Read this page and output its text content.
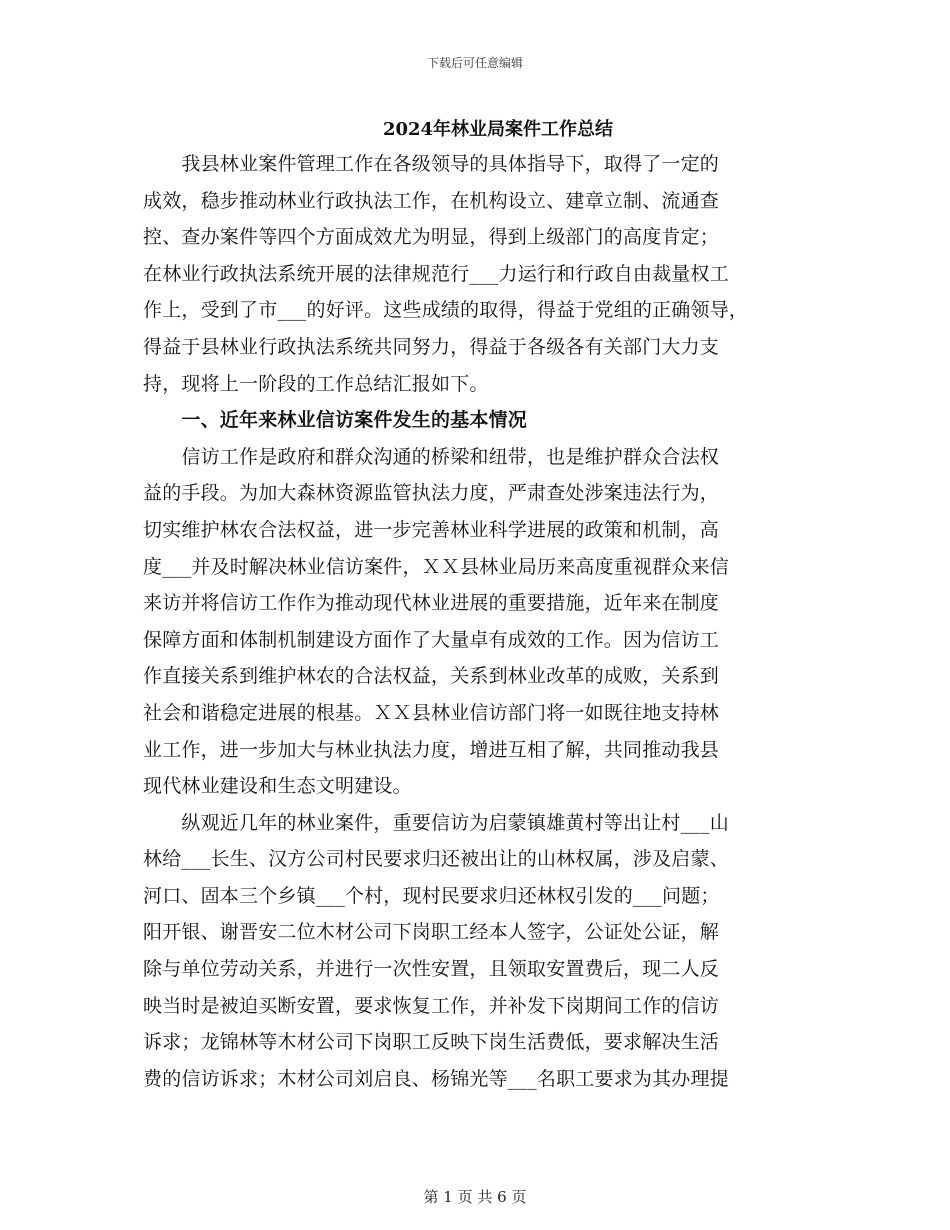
下载后可任意编辑
2024年林业局案件工作总结
　　我县林业案件管理工作在各级领导的具体指导下，取得了一定的
成效，稳步推动林业行政执法工作，在机构设立、建章立制、流通查
控、查办案件等四个方面成效尤为明显，得到上级部门的高度肯定；
在林业行政执法系统开展的法律规范行___力运行和行政自由裁量权工
作上，受到了市___的好评。这些成绩的取得，得益于党组的正确领导，
得益于县林业行政执法系统共同努力，得益于各级各有关部门大力支
持，现将上一阶段的工作总结汇报如下。
　　一、近年来林业信访案件发生的基本情况
　　信访工作是政府和群众沟通的桥梁和纽带，也是维护群众合法权
益的手段。为加大森林资源监管执法力度，严肃查处涉案违法行为，
切实维护林农合法权益，进一步完善林业科学进展的政策和机制，高
度___并及时解决林业信访案件，ＸＸ县林业局历来高度重视群众来信
来访并将信访工作作为推动现代林业进展的重要措施，近年来在制度
保障方面和体制机制建设方面作了大量卓有成效的工作。因为信访工
作直接关系到维护林农的合法权益，关系到林业改革的成败，关系到
社会和谐稳定进展的根基。ＸＸ县林业信访部门将一如既往地支持林
业工作，进一步加大与林业执法力度，增进互相了解，共同推动我县
现代林业建设和生态文明建设。
　　纵观近几年的林业案件，重要信访为启蒙镇雄黄村等出让村___山
林给___长生、汉方公司村民要求归还被出让的山林权属，涉及启蒙、
河口、固本三个乡镇___个村，现村民要求归还林权引发的___问题；
阳开银、谢晋安二位木材公司下岗职工经本人签字，公证处公证，解
除与单位劳动关系，并进行一次性安置，且领取安置费后，现二人反
映当时是被迫买断安置，要求恢复工作，并补发下岗期间工作的信访
诉求；龙锦林等木材公司下岗职工反映下岗生活费低，要求解决生活
费的信访诉求；木材公司刘启良、杨锦光等___名职工要求为其办理提
第 1 页 共 6 页
